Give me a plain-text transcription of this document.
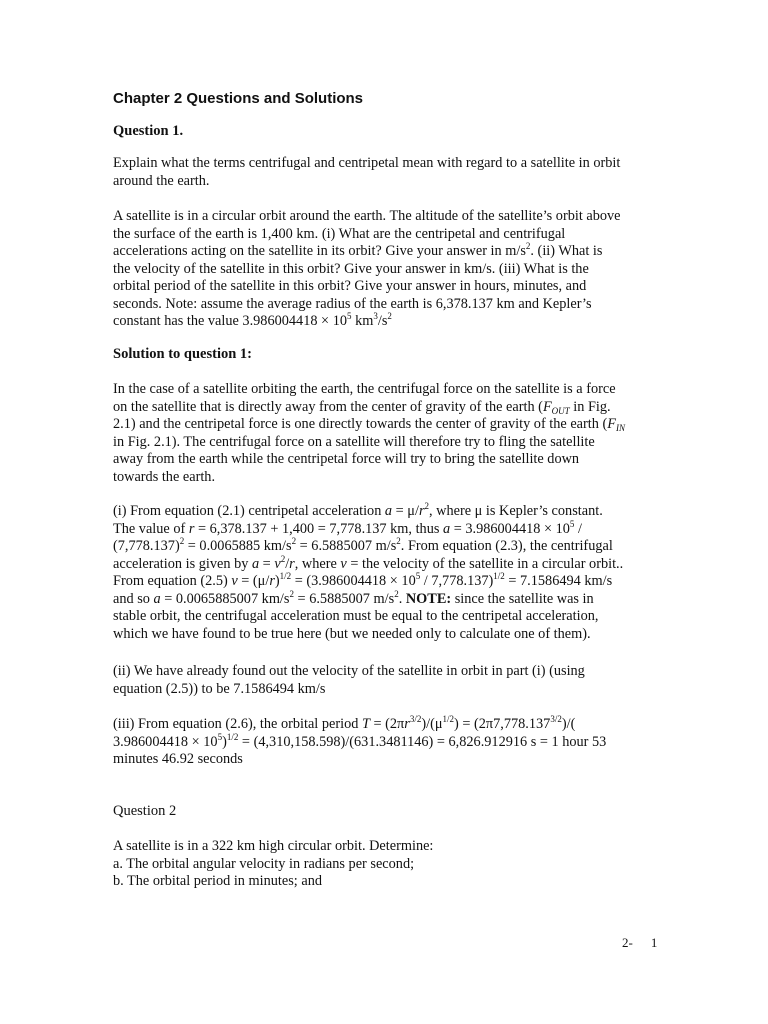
Chapter 2 Questions and Solutions
Question 1.
Explain what the terms centrifugal and centripetal mean with regard to a satellite in orbit
around the earth.
A satellite is in a circular orbit around the earth. The altitude of the satellite’s orbit above
the surface of the earth is 1,400 km. (i) What are the centripetal and centrifugal
accelerations acting on the satellite in its orbit? Give your answer in $m/s^2$. (ii) What is
the velocity of the satellite in this orbit? Give your answer in km/s. (iii) What is the
orbital period of the satellite in this orbit? Give your answer in hours, minutes, and
seconds. Note: assume the average radius of the earth is 6,378.137 km and Kepler’s
constant has the value $3.986004418 \times 10^5$ $km^3/s^2$
Solution to question 1:
In the case of a satellite orbiting the earth, the centrifugal force on the satellite is a force
on the satellite that is directly away from the center of gravity of the earth ($F_{OUT}$ in Fig.
2.1) and the centripetal force is one directly towards the center of gravity of the earth ($F_{IN}$
in Fig. 2.1). The centrifugal force on a satellite will therefore try to fling the satellite
away from the earth while the centripetal force will try to bring the satellite down
towards the earth.
(i) From equation (2.1) centripetal acceleration $a = \mu/r^2$, where μ is Kepler’s constant.
The value of r = 6,378.137 + 1,400 = 7,778.137 km, thus $a = 3.986004418 \times 10^5$ /
$(7,778.137)^2 = 0.0065885$ $km/s^2 = 6.5885007$ $m/s^2$. From equation (2.3), the centrifugal
acceleration is given by $a = v^2/r$, where v = the velocity of the satellite in a circular orbit..
From equation (2.5) $v = (\mu/r)^{1/2} = (3.986004418 \times 10^5 / 7,778.137)^{1/2} = 7.1586494$ km/s
and so a = 0.0065885007 $km/s^2 = 6.5885007$ $m/s^2$. NOTE: since the satellite was in
stable orbit, the centrifugal acceleration must be equal to the centripetal acceleration,
which we have found to be true here (but we needed only to calculate one of them).
(ii) We have already found out the velocity of the satellite in orbit in part (i) (using
equation (2.5)) to be 7.1586494 km/s
(iii) From equation (2.6), the orbital period $T = (2\pi r^{3/2})/(\mu^{1/2}) = (2\pi 7,778.137^{3/2})/$(
$3.986004418 \times 10^5)^{1/2} = (4,310,158.598)/(631.3481146) = 6,826.912916$ s = 1 hour 53
minutes 46.92 seconds
Question 2
A satellite is in a 322 km high circular orbit. Determine:
a. The orbital angular velocity in radians per second;
b. The orbital period in minutes; and
2- 1
